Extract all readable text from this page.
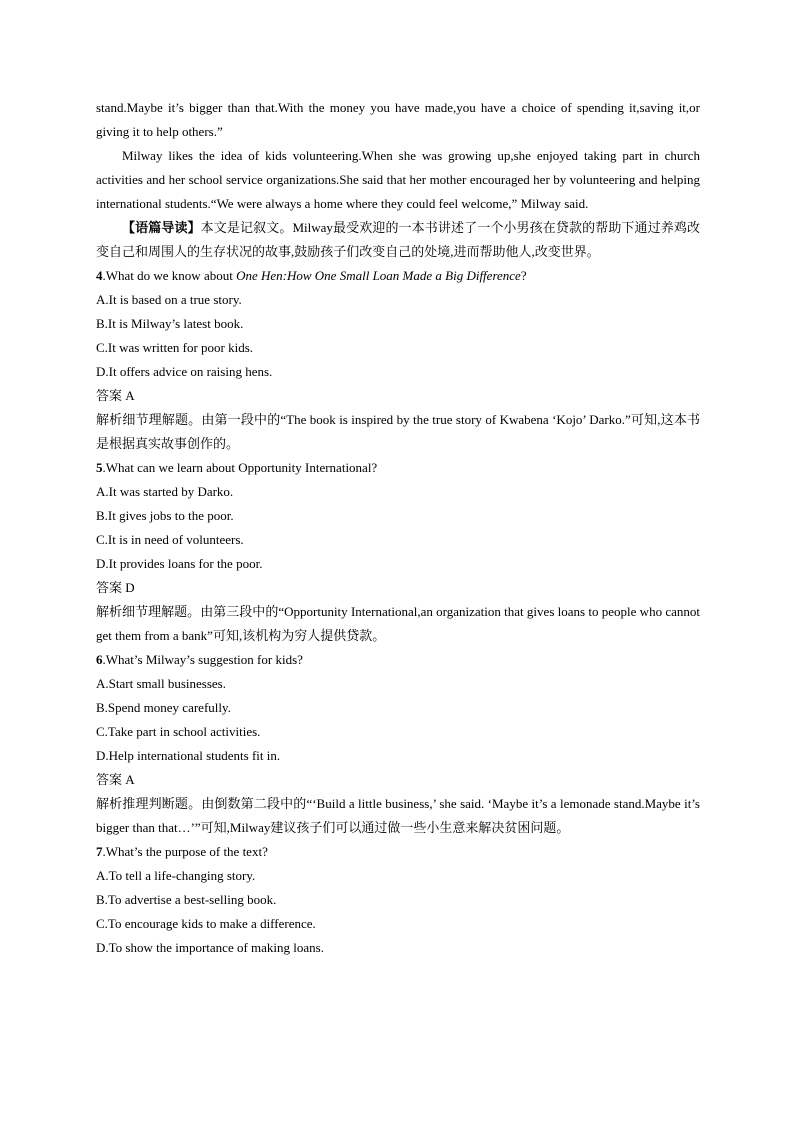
stand.Maybe it’s bigger than that.With the money you have made,you have a choice of spending it,saving it,or giving it to help others.”

Milway likes the idea of kids volunteering.When she was growing up,she enjoyed taking part in church activities and her school service organizations.She said that her mother encouraged her by volunteering and helping international students.“We were always a home where they could feel welcome,” Milway said.

【语篇导读】本文是记叙文。Milway最受欢迎的一本书讲述了一个小男孩在贷款的帮助下通过养鸡改变自己和周围人的生存状况的故事,鼓励孩子们改变自己的处境,进而帮助他人,改变世界。

4.What do we know about One Hen:How One Small Loan Made a Big Difference?

A.It is based on a true story.
B.It is Milway’s latest book.
C.It was written for poor kids.
D.It offers advice on raising hens.
答案 A

解析细节理解题。由第一段中的“The book is inspired by the true story of Kwabena ‘Kojo’ Darko.”可知,这本书是根据真实故事创作的。

5.What can we learn about Opportunity International?

A.It was started by Darko.
B.It gives jobs to the poor.
C.It is in need of volunteers.
D.It provides loans for the poor.
答案 D

解析细节理解题。由第三段中的“Opportunity International,an organization that gives loans to people who cannot get them from a bank”可知,该机构为穷人提供贷款。

6.What’s Milway’s suggestion for kids?

A.Start small businesses.
B.Spend money carefully.
C.Take part in school activities.
D.Help international students fit in.
答案 A

解析推理判断题。由倒数第二段中的“‘Build a little business,’ she said. ‘Maybe it’s a lemonade stand.Maybe it’s bigger than that…’”可知,Milway建议孩子们可以通过做一些小生意来解决贫困问题。

7.What’s the purpose of the text?

A.To tell a life-changing story.
B.To advertise a best-selling book.
C.To encourage kids to make a difference.
D.To show the importance of making loans.
